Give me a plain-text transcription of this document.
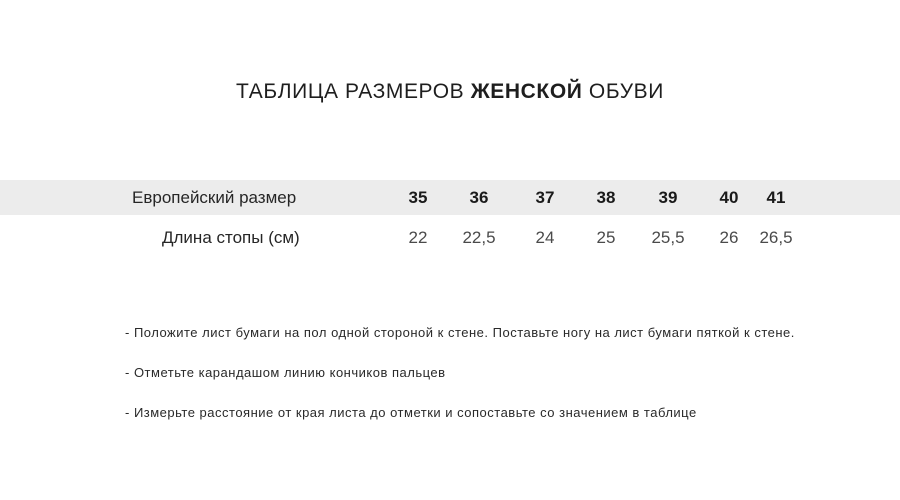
ТАБЛИЦА РАЗМЕРОВ ЖЕНСКОЙ ОБУВИ
Европейский размер	35	36	37	38	39	40	41
Длина стопы (см)	22	22,5	24	25	25,5	26	26,5
- Положите лист бумаги на пол одной стороной к стене. Поставьте ногу на лист бумаги пяткой к стене.
- Отметьте карандашом линию кончиков пальцев
- Измерьте расстояние от края листа до отметки и сопоставьте со значением в таблице
